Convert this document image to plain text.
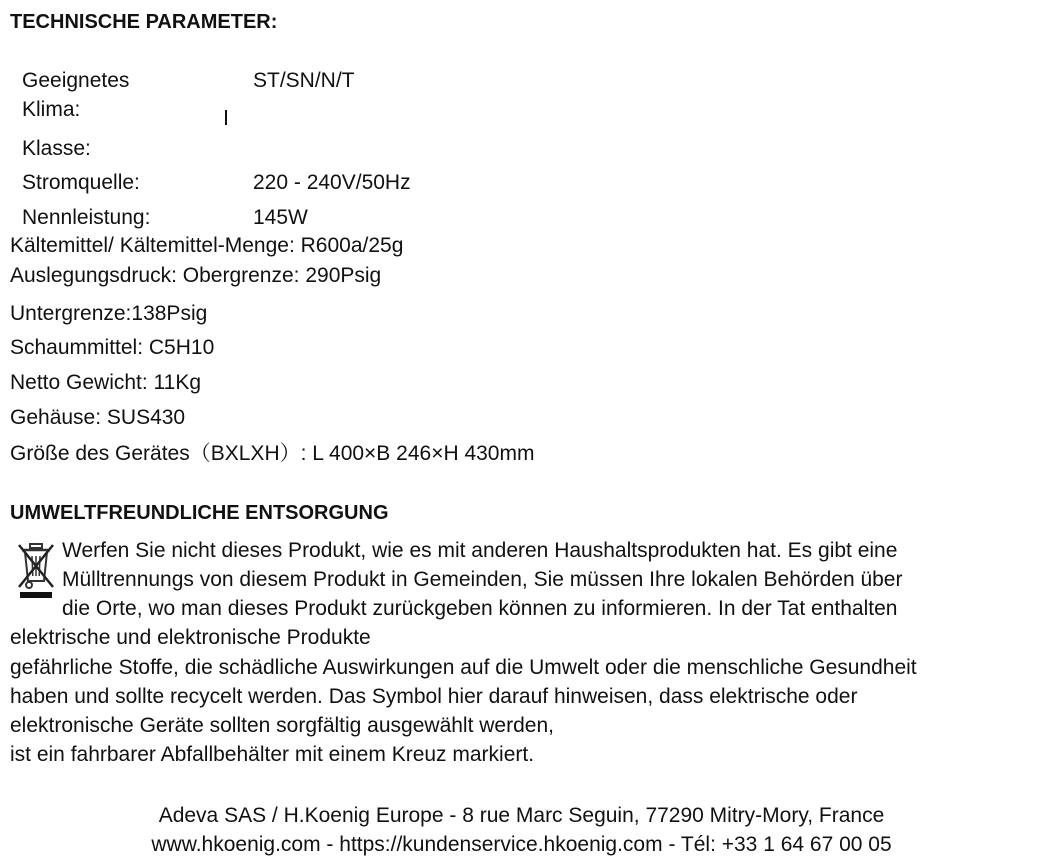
TECHNISCHE PARAMETER:
Geeignetes
Klima:
ST/SN/N/T
Klasse:
Stromquelle:	220 - 240V/50Hz
Nennleistung:	145W
Kältemittel/ Kältemittel-Menge: R600a/25g
Auslegungsdruck: Obergrenze: 290Psig
Untergrenze:138Psig
Schaummittel: C5H10
Netto Gewicht: 11Kg
Gehäuse: SUS430
Größe des Gerätes（BXLXH）: L 400×B 246×H 430mm
UMWELTFREUNDLICHE ENTSORGUNG
Werfen Sie nicht dieses Produkt, wie es mit anderen Haushaltsprodukten hat. Es gibt eine
Mülltrennungs von diesem Produkt in Gemeinden, Sie müssen Ihre lokalen Behörden über
die Orte, wo man dieses Produkt zurückgeben können zu informieren. In der Tat enthalten
elektrische und elektronische Produkte
gefährliche Stoffe, die schädliche Auswirkungen auf die Umwelt oder die menschliche Gesundheit
haben und sollte recycelt werden. Das Symbol hier darauf hinweisen, dass elektrische oder
elektronische Geräte sollten sorgfältig ausgewählt werden,
ist ein fahrbarer Abfallbehälter mit einem Kreuz markiert.
Adeva SAS / H.Koenig Europe - 8 rue Marc Seguin, 77290 Mitry-Mory, France
www.hkoenig.com - https://kundenservice.hkoenig.com - Tél: +33 1 64 67 00 05
